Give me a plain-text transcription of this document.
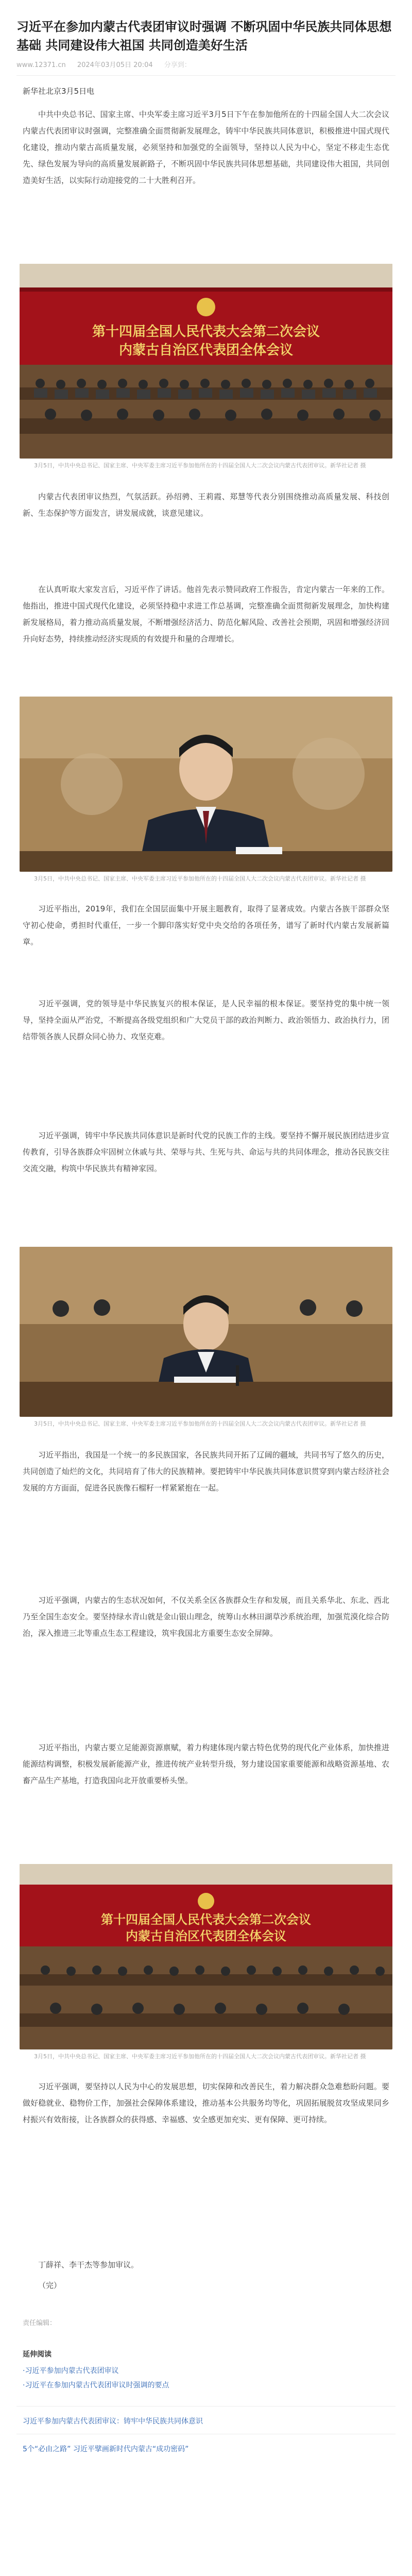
习近平在参加内蒙古代表团审议时强调 不断巩固中华民族共同体思想基础 共同建设伟大祖国 共同创造美好生活
www.12371.cn 2024年03月05日 20:04 分享到：
新华社北京3月5日电

中共中央总书记、国家主席、中央军委主席习近平3月5日下午在参加他所在的十四届全国人大二次会议内蒙古代表团审议时强调，完整准确全面贯彻新发展理念，铸牢中华民族共同体意识，积极推进中国式现代化建设，推动内蒙古高质量发展，必须坚持和加强党的全面领导，坚持以人民为中心，坚定不移走生态优先、绿色发展为导向的高质量发展新路子，不断巩固中华民族共同体思想基础，共同建设伟大祖国，共同创造美好生活，以实际行动迎接党的二十大胜利召开。

第十四届全国人民代表大会第二次会议
内蒙古自治区代表团全体会议

3月5日，中共中央总书记、国家主席、中央军委主席习近平参加他所在的十四届全国人大二次会议内蒙古代表团审议。新华社记者 摄

内蒙古代表团审议热烈，气氛活跃。孙绍骋、王莉霞、郑慧等代表分别围绕推动高质量发展、科技创新、生态保护等方面发言，讲发展成就，谈意见建议。

在认真听取大家发言后，习近平作了讲话。他首先表示赞同政府工作报告，肯定内蒙古一年来的工作。他指出，推进中国式现代化建设，必须坚持稳中求进工作总基调，完整准确全面贯彻新发展理念，加快构建新发展格局，着力推动高质量发展，不断增强经济活力、防范化解风险、改善社会预期，巩固和增强经济回升向好态势，持续推动经济实现质的有效提升和量的合理增长。

3月5日，中共中央总书记、国家主席、中央军委主席习近平参加他所在的十四届全国人大二次会议内蒙古代表团审议。新华社记者 摄

习近平指出，2019年，我们在全国层面集中开展主题教育，取得了显著成效。内蒙古各族干部群众坚守初心使命，勇担时代重任，一步一个脚印落实好党中央交给的各项任务，谱写了新时代内蒙古发展新篇章。

习近平强调，党的领导是中华民族复兴的根本保证，是人民幸福的根本保证。要坚持党的集中统一领导，坚持全面从严治党，不断提高各级党组织和广大党员干部的政治判断力、政治领悟力、政治执行力，团结带领各族人民群众同心协力、攻坚克难。

习近平强调，铸牢中华民族共同体意识是新时代党的民族工作的主线。要坚持不懈开展民族团结进步宣传教育，引导各族群众牢固树立休戚与共、荣辱与共、生死与共、命运与共的共同体理念，推动各民族交往交流交融，构筑中华民族共有精神家园。

3月5日，中共中央总书记、国家主席、中央军委主席习近平参加他所在的十四届全国人大二次会议内蒙古代表团审议。新华社记者 摄

习近平指出，我国是一个统一的多民族国家，各民族共同开拓了辽阔的疆域，共同书写了悠久的历史，共同创造了灿烂的文化，共同培育了伟大的民族精神。要把铸牢中华民族共同体意识贯穿到内蒙古经济社会发展的方方面面，促进各民族像石榴籽一样紧紧抱在一起。

习近平强调，内蒙古的生态状况如何，不仅关系全区各族群众生存和发展，而且关系华北、东北、西北乃至全国生态安全。要坚持绿水青山就是金山银山理念，统筹山水林田湖草沙系统治理，加强荒漠化综合防治，深入推进三北等重点生态工程建设，筑牢我国北方重要生态安全屏障。

习近平指出，内蒙古要立足能源资源禀赋，着力构建体现内蒙古特色优势的现代化产业体系，加快推进能源结构调整，积极发展新能源产业，推进传统产业转型升级，努力建设国家重要能源和战略资源基地、农畜产品生产基地，打造我国向北开放重要桥头堡。

第十四届全国人民代表大会第二次会议
内蒙古自治区代表团全体会议

3月5日，中共中央总书记、国家主席、中央军委主席习近平参加他所在的十四届全国人大二次会议内蒙古代表团审议。新华社记者 摄

习近平强调，要坚持以人民为中心的发展思想，切实保障和改善民生，着力解决群众急难愁盼问题。要做好稳就业、稳物价工作，加强社会保障体系建设，推动基本公共服务均等化，巩固拓展脱贫攻坚成果同乡村振兴有效衔接，让各族群众的获得感、幸福感、安全感更加充实、更有保障、更可持续。

丁薛祥、李干杰等参加审议。
（完）
责任编辑：
延伸阅读
·习近平参加内蒙古代表团审议
·习近平在参加内蒙古代表团审议时强调的要点
习近平参加内蒙古代表团审议：铸牢中华民族共同体意识
5个“必由之路” 习近平擘画新时代内蒙古“成功密码”
